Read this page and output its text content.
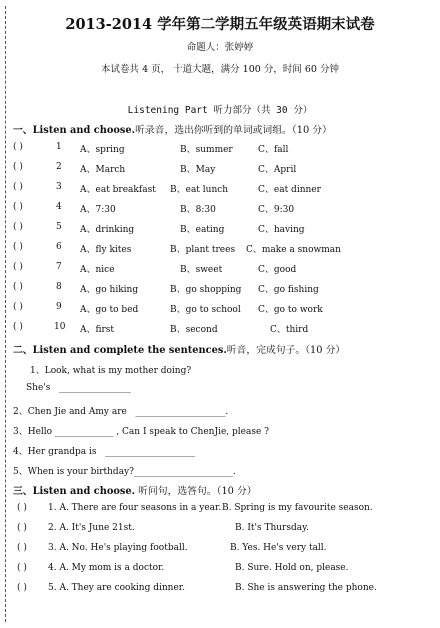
2013-2014 学年第二学期五年级英语期末试卷
命题人：张婷婷
本试卷共 4 页， 十道大题，满分 100 分，时间 60 分钟
Listening Part 听力部分（共 30 分）
一、Listen and choose.听录音，选出你听到的单词或词组。（10 分）
( )	1 A、spring	B、summer	C、fall
( )	2 A、March	B、May	C、April
( )	3 A、eat breakfast B、eat lunch	C、eat dinner
( )	4 A、7:30	B、8:30	C、9:30
( )	5 A、drinking	B、eating	C、having
( )	6 A、fly kites	B、plant trees C、make a snowman
( )	7 A、nice	B、sweet	C、good
( )	8 A、go hiking	B、go shopping C、go fishing
( )	9 A、go to bed	B、go to school C、go to work
( )	10 A、first	B、second	C、third
二、Listen and complete the sentences.听音，完成句子。（10 分）
1、Look, what is my mother doing?
She's ________________
2、Chen Jie and Amy are ____________________.
3、Hello _____________ , Can I speak to ChenJie, please ?
4、Her grandpa is ____________________
5、When is your birthday?______________________.
三、Listen and choose. 听问句，选答句。（10 分）
( ) 1. A. There are four seasons in a year. B. Spring is my favourite season.
( ) 2. A. It's June 21st.	B. It's Thursday.
( ) 3. A. No. He's playing football.	B. Yes. He's very tall.
( ) 4. A. My mom is a doctor.	B. Sure. Hold on, please.
( ) 5. A. They are cooking dinner.	B. She is answering the phone.
